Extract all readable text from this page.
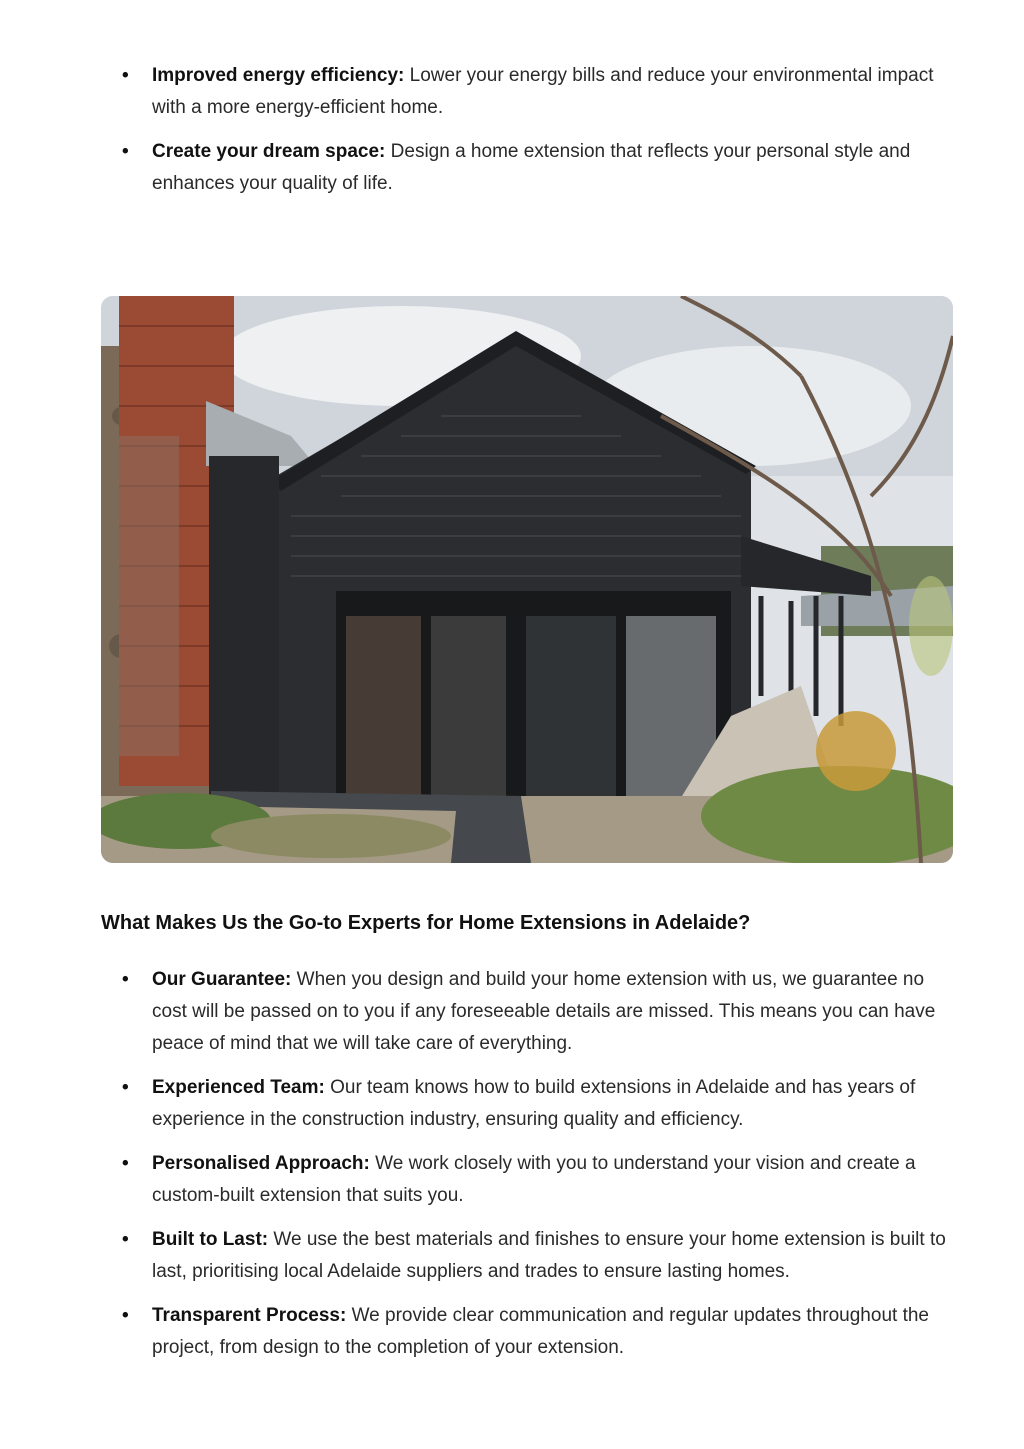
• Improved energy efficiency: Lower your energy bills and reduce your environmental impact with a more energy-efficient home.
• Create your dream space: Design a home extension that reflects your personal style and enhances your quality of life.
What Makes Us the Go-to Experts for Home Extensions in Adelaide?
• Our Guarantee: When you design and build your home extension with us, we guarantee no cost will be passed on to you if any foreseeable details are missed. This means you can have peace of mind that we will take care of everything.
• Experienced Team: Our team knows how to build extensions in Adelaide and has years of experience in the construction industry, ensuring quality and efficiency.
• Personalised Approach: We work closely with you to understand your vision and create a custom-built extension that suits you.
• Built to Last: We use the best materials and finishes to ensure your home extension is built to last, prioritising local Adelaide suppliers and trades to ensure lasting homes.
• Transparent Process: We provide clear communication and regular updates throughout the project, from design to the completion of your extension.
